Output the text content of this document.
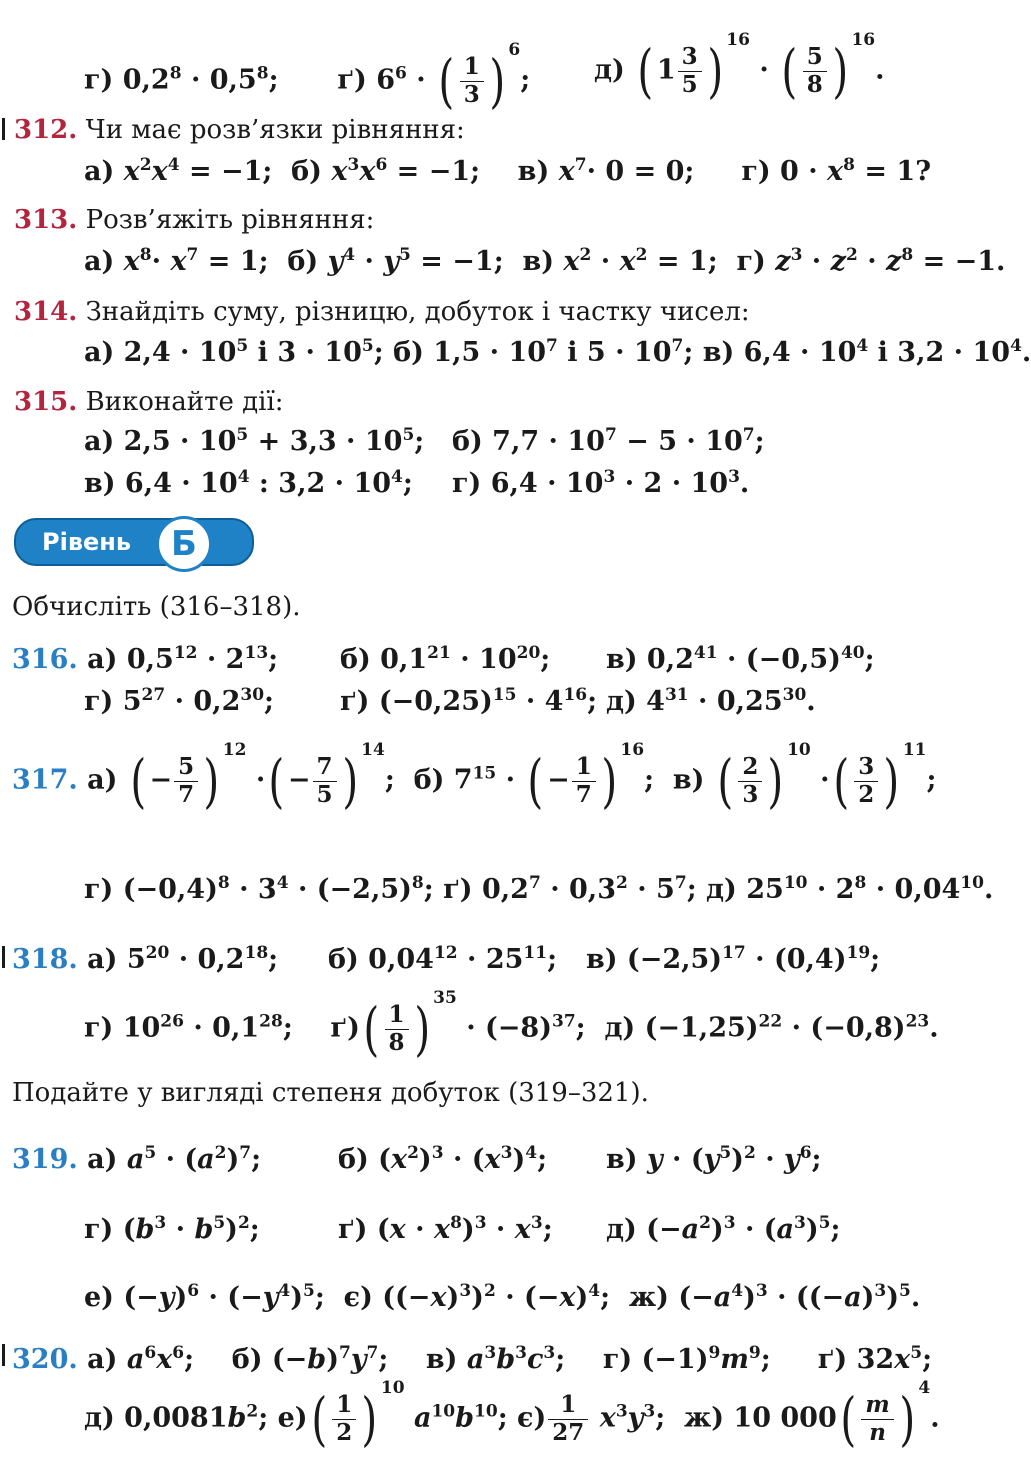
г) $0,2^8 \cdot 0,5^8$;  ґ) $6^6$ · ( $\frac{1}{3}$ ) $^6$; д) ( $1 \frac{3}{5}$ ) $^{16}$ · ( $\frac{5}{8}$ ) $^{16}$.
312. Чи має розв’язки рівняння:
а) $x^2x^4 = -1$;  б) $x^3x^6 = -1$;    в) $x^7\cdot 0 = 0$;     г) $0 \cdot x^8 = 1$?
313. Розв’яжіть рівняння:
а) $x^8\cdot x^7 = 1$;  б) $y^4 \cdot y^5 = -1$;  в) $x^2 \cdot x^2 = 1$;  г) $z^3 \cdot z^2 \cdot z^8 = -1$.
314. Знайдіть суму, різницю, добуток і частку чисел:
а) $2,4 \cdot 10^5$ і $3 \cdot 10^5$; б) $1,5 \cdot 10^7$ і $5 \cdot 10^7$; в) $6,4 \cdot 10^4$ і $3,2 \cdot 10^4$.
315. Виконайте дії:
а) $2,5 \cdot 10^5 + 3,3 \cdot 10^5$; б) $7,7 \cdot 10^7 - 5 \cdot 10^7$;
в) $6,4 \cdot 10^4$ : $3,2 \cdot 10^4$; г) $6,4 \cdot 10^3 \cdot 2 \cdot 10^3$.
Рівень	Б
Обчисліть (316–318).
316. а) $0,5^{12} \cdot 2^{13}$; б) $0,1^{21} \cdot 10^{20}$; в) $0,2^{41} \cdot (-0,5)^{40}$;
г) $5^{27} \cdot 0,2^{30}$; ґ) $(-0,25)^{15} \cdot 4^{16}$; д) $4^{31} \cdot 0,25^{30}$.
317. а) ( − $\frac{5}{7}$ ) $^{12}$ ·( − $\frac{7}{5}$ ) $^{14}$;  б) $7^{15}$ · ( − $\frac{1}{7}$ ) $^{16}$;  в) ( $\frac{2}{3}$ ) $^{10}$ ·( $\frac{3}{2}$ ) $^{11}$;
г) $(-0,4)^8 \cdot 3^4 \cdot (-2,5)^8$; ґ) $0,2^7 \cdot 0,3^2 \cdot 5^7$; д) $25^{10} \cdot 2^8 \cdot 0,04^{10}$.
318. а) $5^{20} \cdot 0,2^{18}$; б) $0,04^{12} \cdot 25^{11}$; в) $(-2,5)^{17} \cdot (0,4)^{19}$;
г) $10^{26} \cdot 0,1^{28}$;    $ґ)( \frac{1}{8}$ ) $^{35} \cdot (-8)^{37}$;  д) $(-1,25)^{22} \cdot (-0,8)^{23}$.
Подайте у вигляді степеня добуток (319–321).
319. а) $a^5 \cdot (a^2)^7$;	б) $(x^2)^3 \cdot (x^3)^4$; в) $y \cdot (y^5)^2 \cdot y^6$;
г) $(b^3 \cdot b^5)^2$;	ґ) $(x \cdot x^8)^3 \cdot x^3$; д) $(-a^2)^3 \cdot (a^3)^5$;
е) $(-y)^6 \cdot (-y^4)^5$;  є) $((-x)^3)^2 \cdot (-x)^4$;  ж) $(-a^4)^3 \cdot ((-a)^3)^5$.
320. а) $a^6x^6$;    б) $(-b)^7y^7$;    в) $a^3b^3c^3$;    г) $(-1)^9m^9$;     ґ) $32x^5$;
д) $0,0081b^2$; $е)( \frac{1}{2}$ ) $^{10}$ $a^{10}b^{10}$; $є) \frac{1}{27} x^3y^3$;  ж) 10 $000( \frac{m}{n}$ ) $^4$.
